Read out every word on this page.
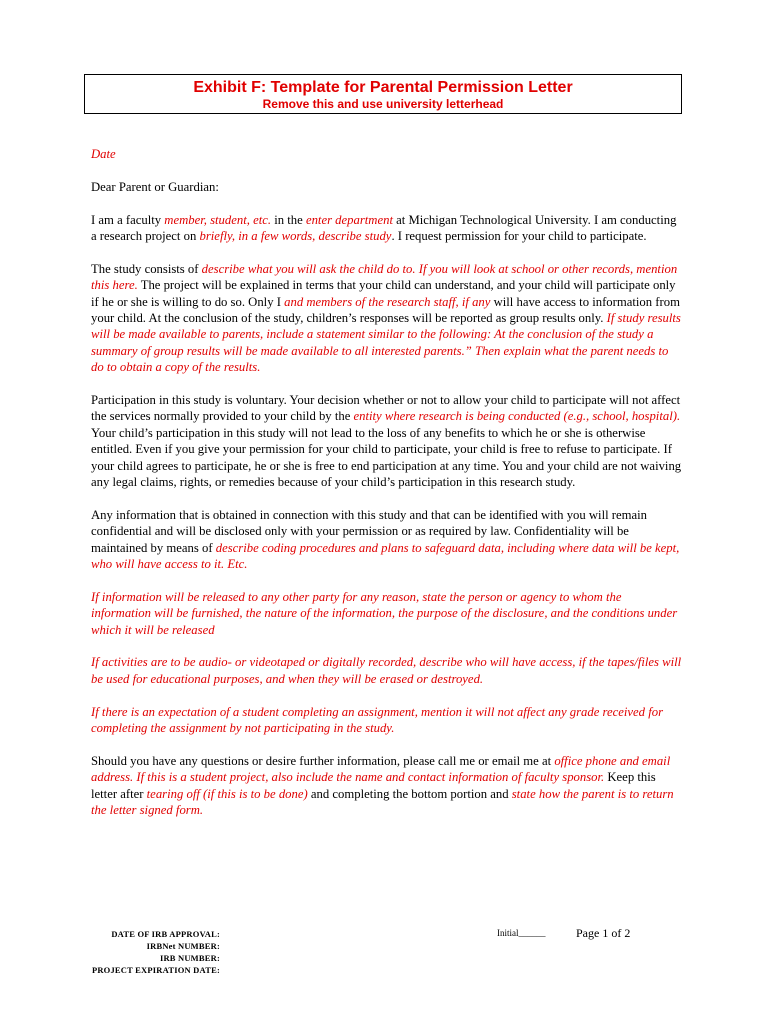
Exhibit F: Template for Parental Permission Letter
Remove this and use university letterhead

Date

Dear Parent or Guardian:

I am a faculty member, student, etc. in the enter department at Michigan Technological University. I am conducting a research project on briefly, in a few words, describe study. I request permission for your child to participate.

The study consists of describe what you will ask the child do to. If you will look at school or other records, mention this here. The project will be explained in terms that your child can understand, and your child will participate only if he or she is willing to do so. Only I and members of the research staff, if any will have access to information from your child. At the conclusion of the study, children’s responses will be reported as group results only. If study results will be made available to parents, include a statement similar to the following: At the conclusion of the study a summary of group results will be made available to all interested parents.” Then explain what the parent needs to do to obtain a copy of the results.

Participation in this study is voluntary. Your decision whether or not to allow your child to participate will not affect the services normally provided to your child by the entity where research is being conducted (e.g., school, hospital). Your child’s participation in this study will not lead to the loss of any benefits to which he or she is otherwise entitled. Even if you give your permission for your child to participate, your child is free to refuse to participate. If your child agrees to participate, he or she is free to end participation at any time. You and your child are not waiving any legal claims, rights, or remedies because of your child’s participation in this research study.

Any information that is obtained in connection with this study and that can be identified with you will remain confidential and will be disclosed only with your permission or as required by law. Confidentiality will be maintained by means of describe coding procedures and plans to safeguard data, including where data will be kept, who will have access to it. Etc.

If information will be released to any other party for any reason, state the person or agency to whom the information will be furnished, the nature of the information, the purpose of the disclosure, and the conditions under which it will be released

If activities are to be audio- or videotaped or digitally recorded, describe who will have access, if the tapes/files will be used for educational purposes, and when they will be erased or destroyed.

If there is an expectation of a student completing an assignment, mention it will not affect any grade received for completing the assignment by not participating in the study.

Should you have any questions or desire further information, please call me or email me at office phone and email address. If this is a student project, also include the name and contact information of faculty sponsor. Keep this letter after tearing off (if this is to be done) and completing the bottom portion and state how the parent is to return the letter signed form.

DATE OF IRB APPROVAL:
IRBNet NUMBER:
IRB NUMBER:
PROJECT EXPIRATION DATE:
Initial______	Page 1 of 2
